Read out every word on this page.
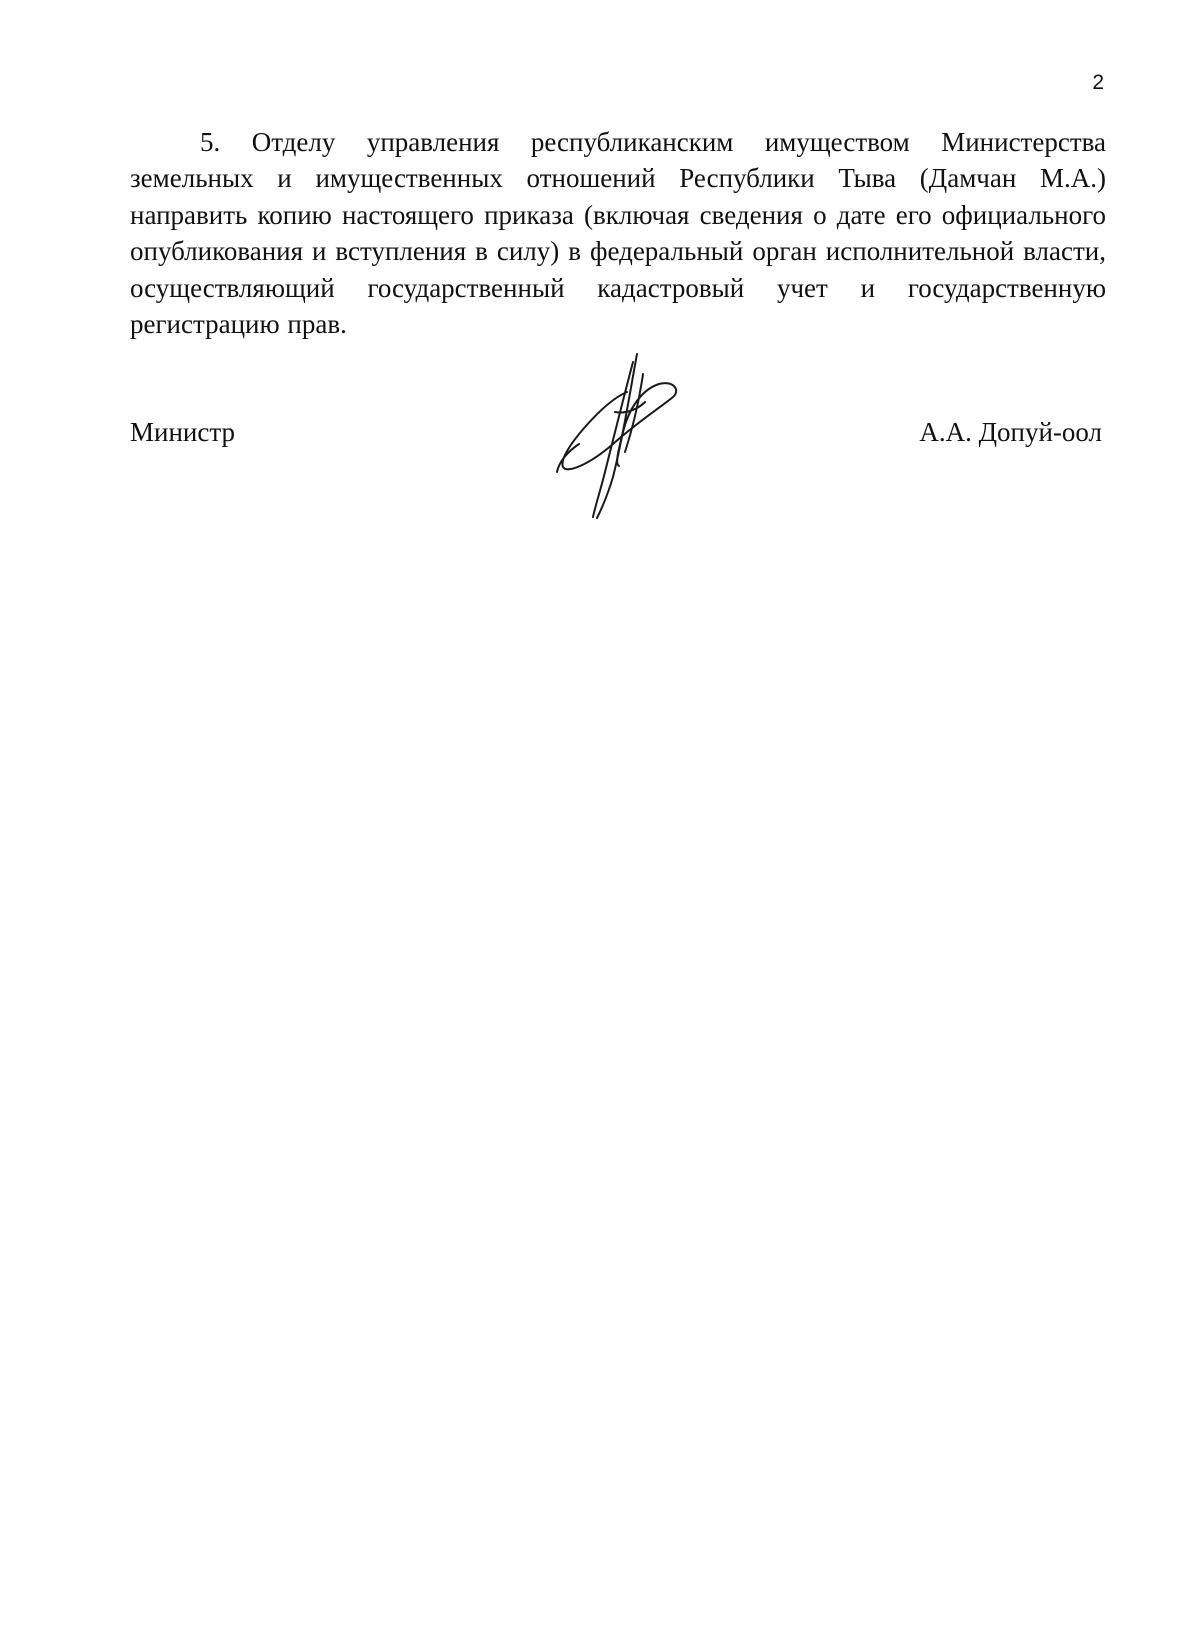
2

5. Отделу управления республиканским имуществом Министерства земельных и имущественных отношений Республики Тыва (Дамчан М.А.) направить копию настоящего приказа (включая сведения о дате его официального опубликования и вступления в силу) в федеральный орган исполнительной власти, осуществляющий государственный кадастровый учет и государственную регистрацию прав.

Министр	А.А. Допуй-оол
